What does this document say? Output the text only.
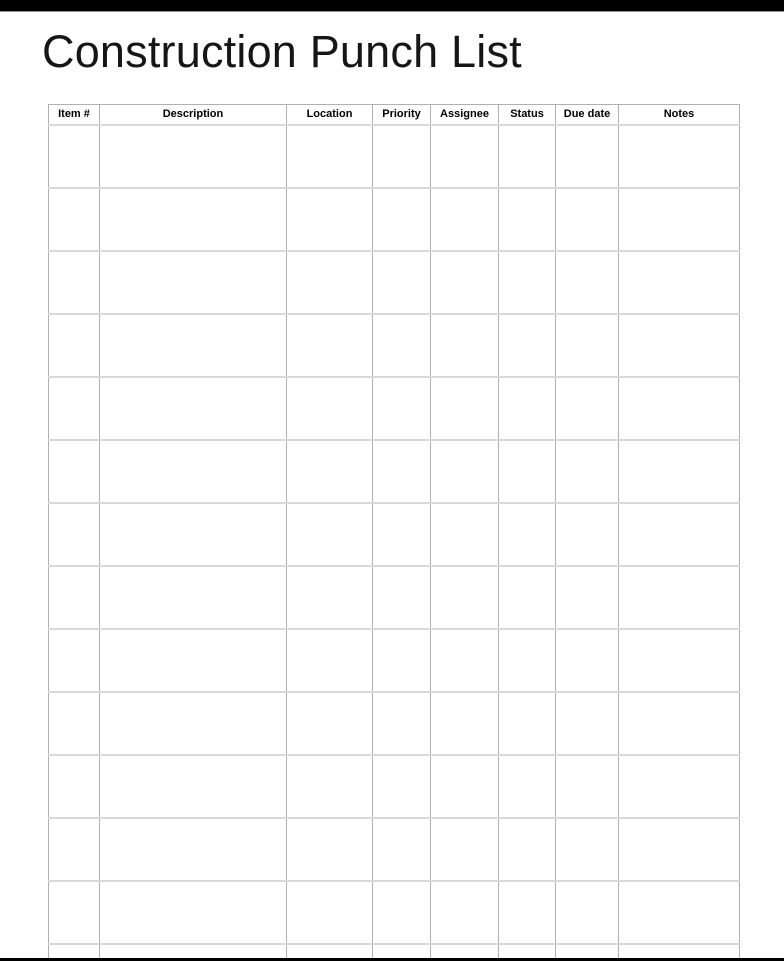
Construction Punch List
Item #	Description	Location	Priority	Assignee	Status	Due date	Notes
